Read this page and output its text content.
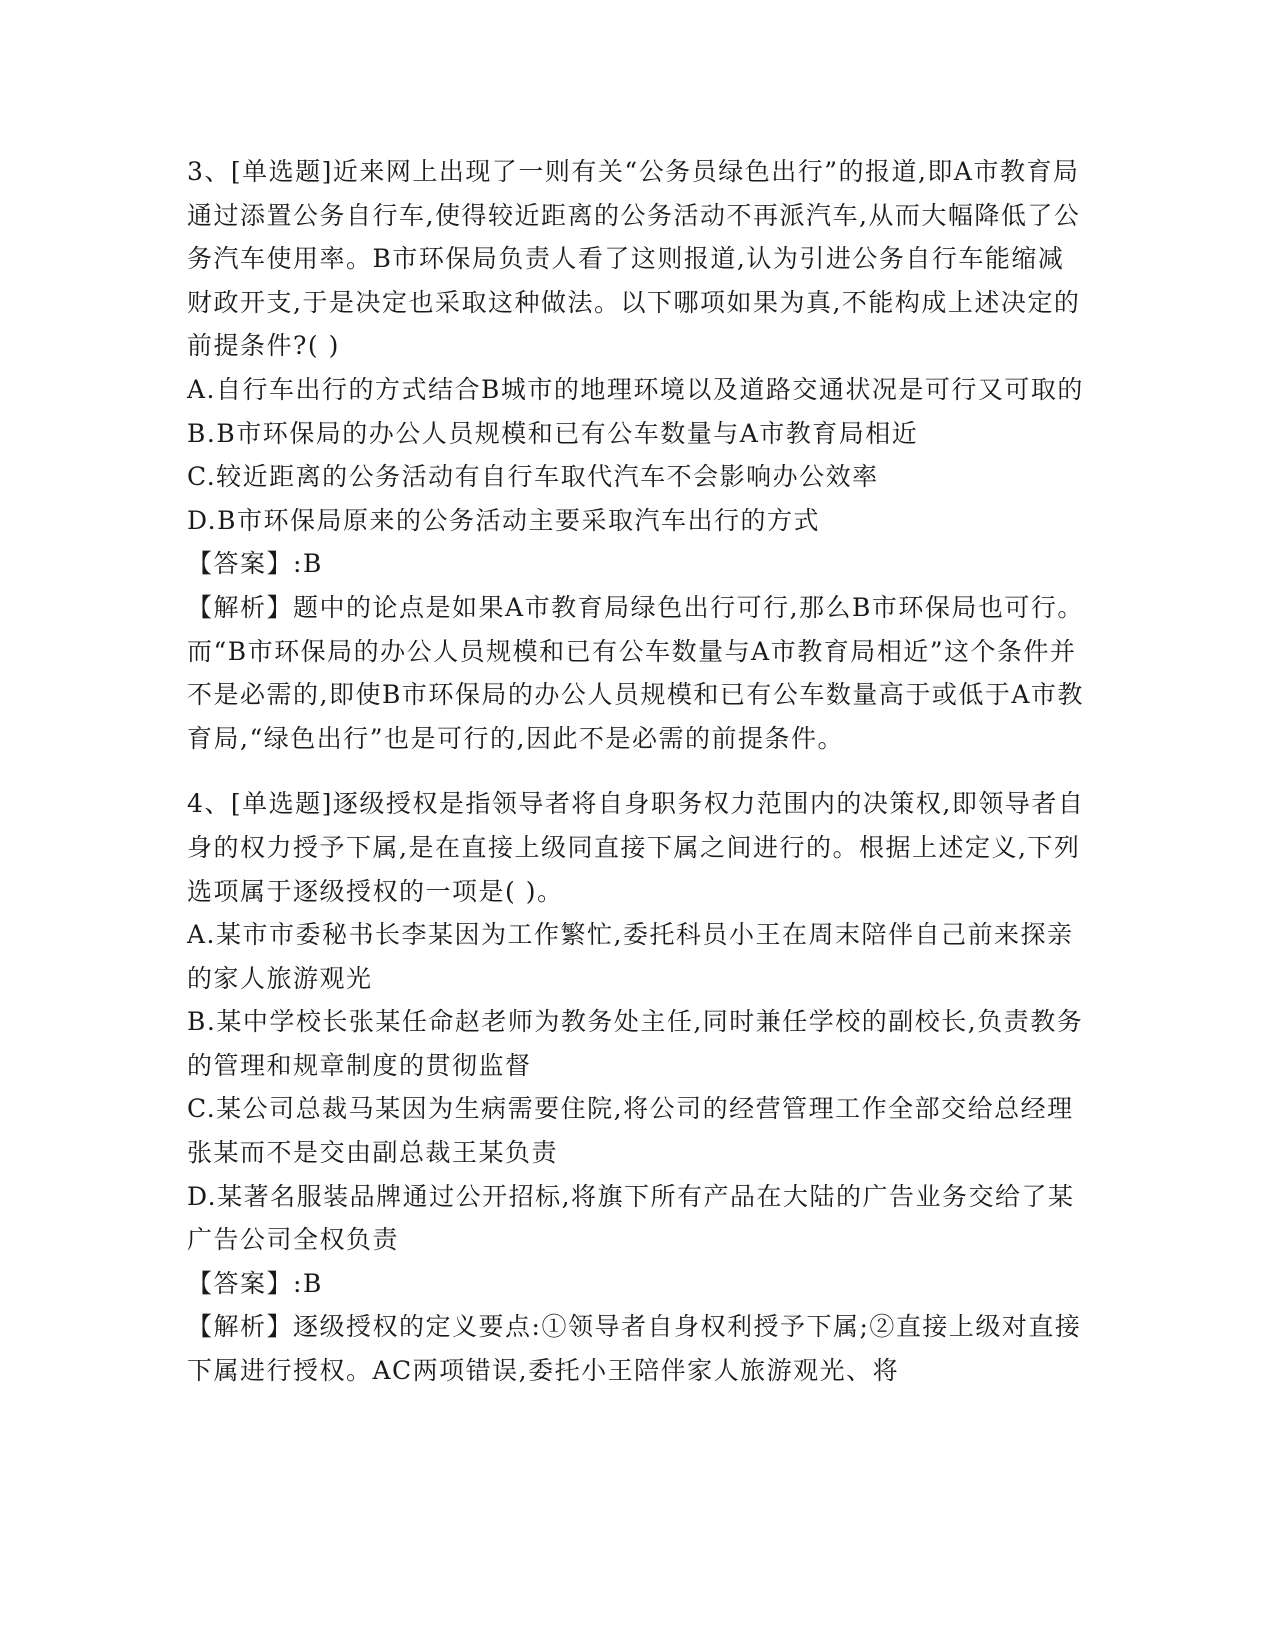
3、[单选题]近来网上出现了一则有关“公务员绿色出行”的报道,即A市教育局通过添置公务自行车,使得较近距离的公务活动不再派汽车,从而大幅降低了公务汽车使用率。B市环保局负责人看了这则报道,认为引进公务自行车能缩减财政开支,于是决定也采取这种做法。以下哪项如果为真,不能构成上述决定的前提条件?( )

A.自行车出行的方式结合B城市的地理环境以及道路交通状况是可行又可取的

B.B市环保局的办公人员规模和已有公车数量与A市教育局相近

C.较近距离的公务活动有自行车取代汽车不会影响办公效率

D.B市环保局原来的公务活动主要采取汽车出行的方式

【答案】:B

【解析】题中的论点是如果A市教育局绿色出行可行,那么B市环保局也可行。而“B市环保局的办公人员规模和已有公车数量与A市教育局相近”这个条件并不是必需的,即使B市环保局的办公人员规模和已有公车数量高于或低于A市教育局,“绿色出行”也是可行的,因此不是必需的前提条件。

4、[单选题]逐级授权是指领导者将自身职务权力范围内的决策权,即领导者自身的权力授予下属,是在直接上级同直接下属之间进行的。根据上述定义,下列选项属于逐级授权的一项是( )。

A.某市市委秘书长李某因为工作繁忙,委托科员小王在周末陪伴自己前来探亲的家人旅游观光

B.某中学校长张某任命赵老师为教务处主任,同时兼任学校的副校长,负责教务的管理和规章制度的贯彻监督

C.某公司总裁马某因为生病需要住院,将公司的经营管理工作全部交给总经理张某而不是交由副总裁王某负责

D.某著名服装品牌通过公开招标,将旗下所有产品在大陆的广告业务交给了某广告公司全权负责

【答案】:B

【解析】逐级授权的定义要点:①领导者自身权利授予下属;②直接上级对直接下属进行授权。AC两项错误,委托小王陪伴家人旅游观光、将
